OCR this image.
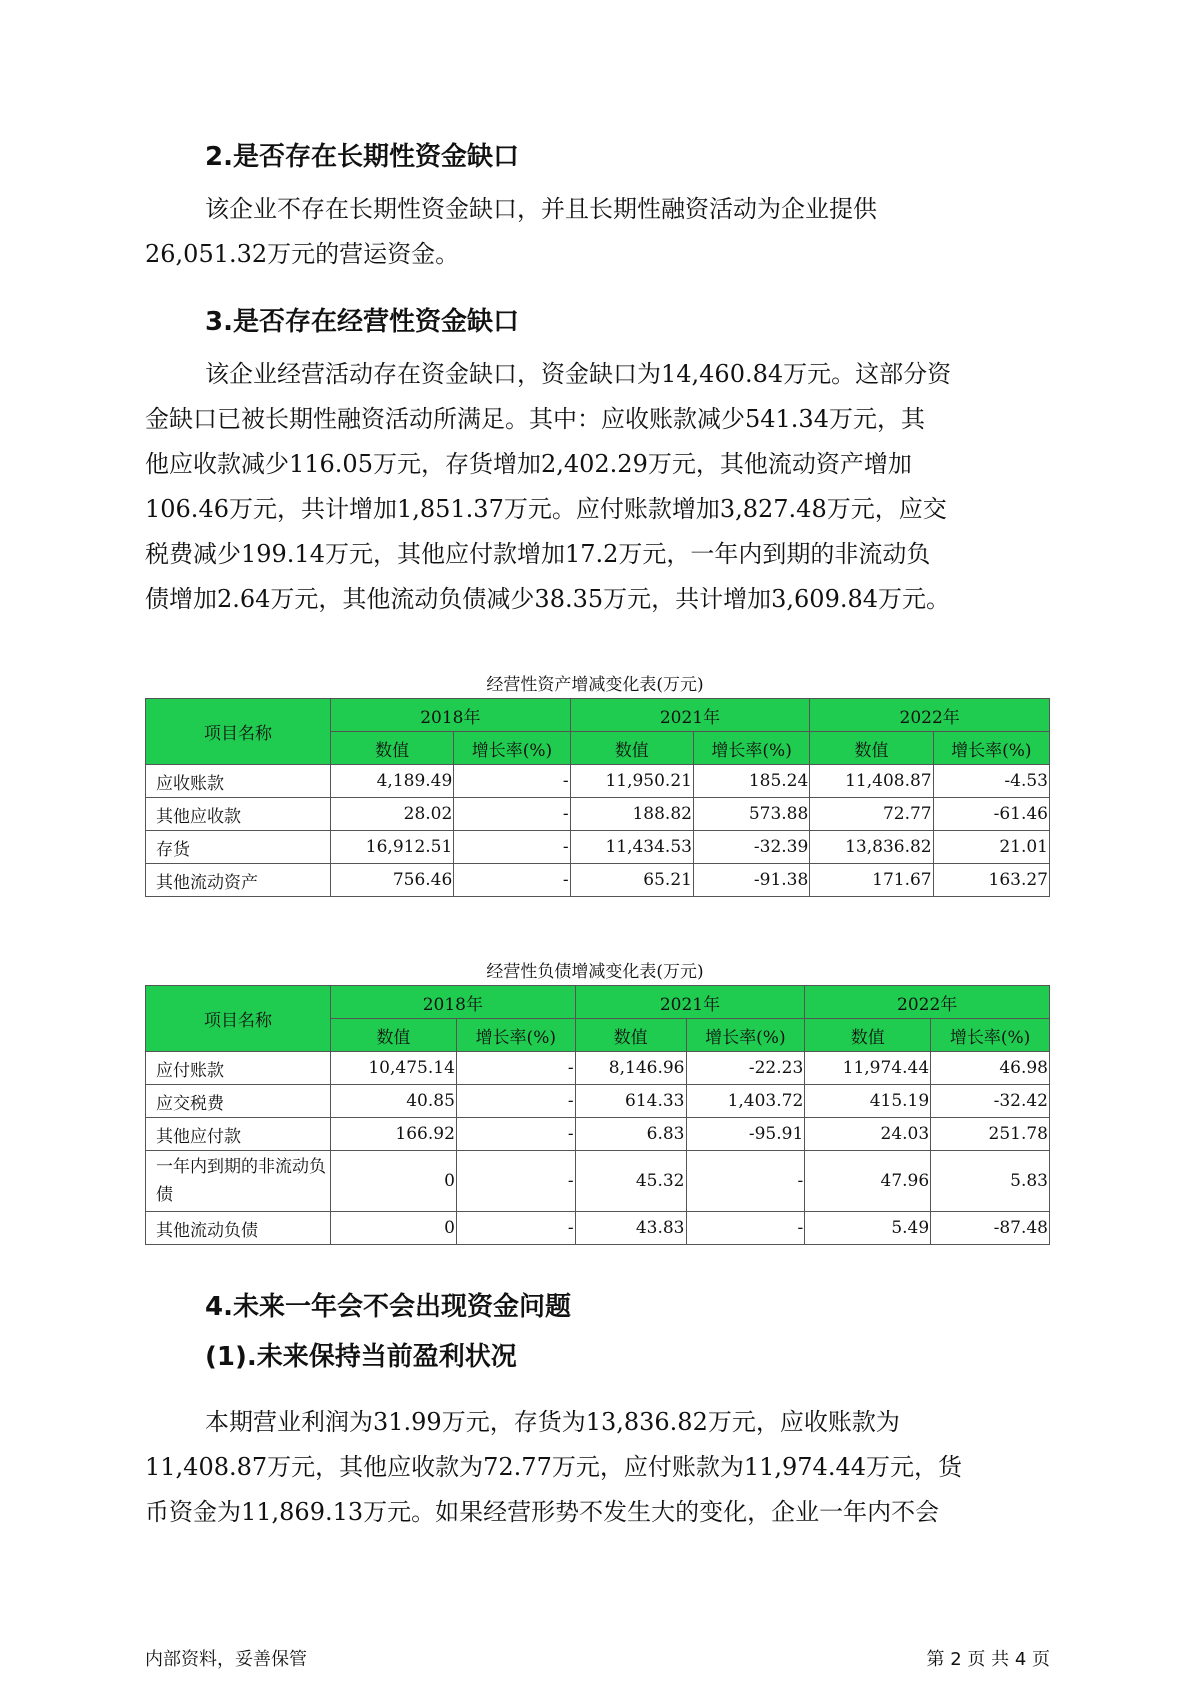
2.是否存在长期性资金缺口
该企业不存在长期性资金缺口，并且长期性融资活动为企业提供
26,051.32万元的营运资金。
3.是否存在经营性资金缺口
该企业经营活动存在资金缺口，资金缺口为14,460.84万元。这部分资
金缺口已被长期性融资活动所满足。其中：应收账款减少541.34万元，其
他应收款减少116.05万元，存货增加2,402.29万元，其他流动资产增加
106.46万元，共计增加1,851.37万元。应付账款增加3,827.48万元，应交
税费减少199.14万元，其他应付款增加17.2万元，一年内到期的非流动负
债增加2.64万元，其他流动负债减少38.35万元，共计增加3,609.84万元。

经营性资产增减变化表(万元)

项目名称	2018年		2021年		2022年	
	数值	增长率(%)	数值	增长率(%)	数值	增长率(%)
应收账款	4,189.49	-	11,950.21	185.24	11,408.87	-4.53
其他应收款	28.02	-	188.82	573.88	72.77	-61.46
存货	16,912.51	-	11,434.53	-32.39	13,836.82	21.01
其他流动资产	756.46	-	65.21	-91.38	171.67	163.27

经营性负债增减变化表(万元)

项目名称	2018年		2021年		2022年	
	数值	增长率(%)	数值	增长率(%)	数值	增长率(%)
应付账款	10,475.14	-	8,146.96	-22.23	11,974.44	46.98
应交税费	40.85	-	614.33	1,403.72	415.19	-32.42
其他应付款	166.92	-	6.83	-95.91	24.03	251.78
一年内到期的非流动负债	0	-	45.32	-	47.96	5.83
其他流动负债	0	-	43.83	-	5.49	-87.48
4.未来一年会不会出现资金问题
(1).未来保持当前盈利状况
本期营业利润为31.99万元，存货为13,836.82万元，应收账款为
11,408.87万元，其他应收款为72.77万元，应付账款为11,974.44万元，货
币资金为11,869.13万元。如果经营形势不发生大的变化，企业一年内不会
内部资料，妥善保管	第 2 页 共 4 页
